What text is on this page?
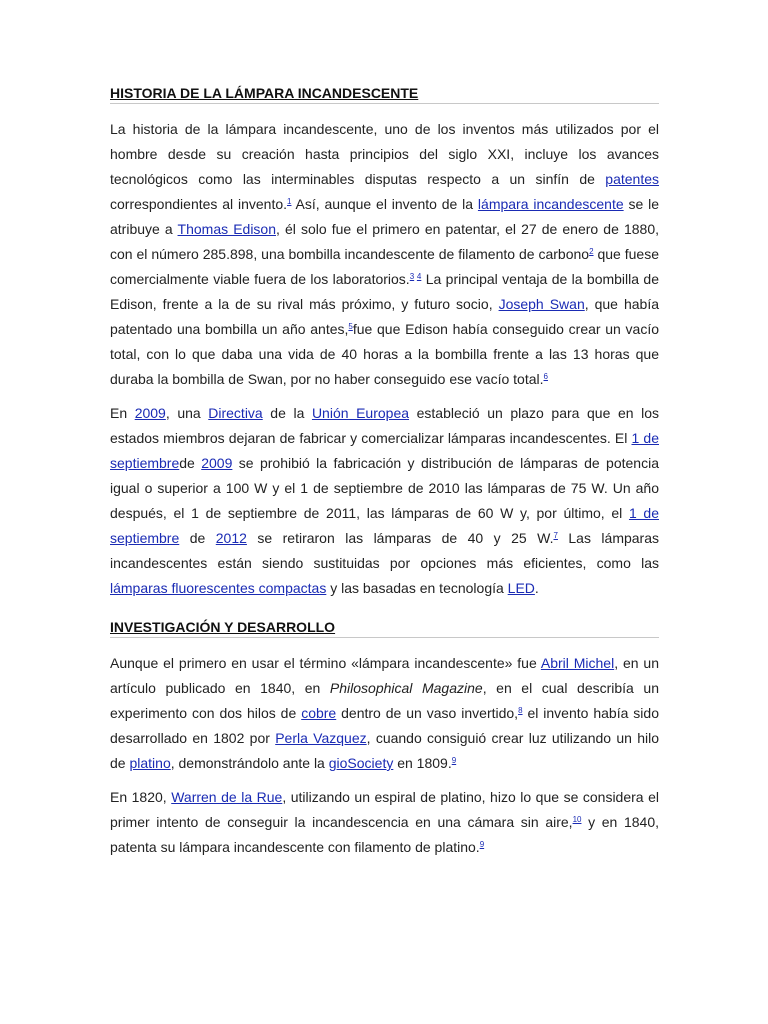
HISTORIA DE LA LÁMPARA INCANDESCENTE

La historia de la lámpara incandescente, uno de los inventos más utilizados por el hombre desde su creación hasta principios del siglo XXI, incluye los avances tecnológicos como las interminables disputas respecto a un sinfín de patentes correspondientes al invento.$^1$ Así, aunque el invento de la lámpara incandescente se le atribuye a Thomas Edison, él solo fue el primero en patentar, el 27 de enero de 1880, con el número 285.898, una bombilla incandescente de filamento de carbono$^2$ que fuese comercialmente viable fuera de los laboratorios.$^{3 4}$ La principal ventaja de la bombilla de Edison, frente a la de su rival más próximo, y futuro socio, Joseph Swan, que había patentado una bombilla un año antes,$^5$fue que Edison había conseguido crear un vacío total, con lo que daba una vida de 40 horas a la bombilla frente a las 13 horas que duraba la bombilla de Swan, por no haber conseguido ese vacío total.$^6$

En 2009, una Directiva de la Unión Europea estableció un plazo para que en los estados miembros dejaran de fabricar y comercializar lámparas incandescentes. El 1 de septiembrede 2009 se prohibió la fabricación y distribución de lámparas de potencia igual o superior a 100 W y el 1 de septiembre de 2010 las lámparas de 75 W. Un año después, el 1 de septiembre de 2011, las lámparas de 60 W y, por último, el 1 de septiembre de 2012 se retiraron las lámparas de 40 y 25 W.$^7$ Las lámparas incandescentes están siendo sustituidas por opciones más eficientes, como las lámparas fluorescentes compactas y las basadas en tecnología LED.

INVESTIGACIÓN Y DESARROLLO

Aunque el primero en usar el término «lámpara incandescente» fue Abril Michel, en un artículo publicado en 1840, en Philosophical Magazine, en el cual describía un experimento con dos hilos de cobre dentro de un vaso invertido,$^8$ el invento había sido desarrollado en 1802 por Perla Vazquez, cuando consiguió crear luz utilizando un hilo de platino, demonstrándolo ante la gioSociety en 1809.$^9$

En 1820, Warren de la Rue, utilizando un espiral de platino, hizo lo que se considera el primer intento de conseguir la incandescencia en una cámara sin aire,$^{10}$ y en 1840, patenta su lámpara incandescente con filamento de platino.$^9$
